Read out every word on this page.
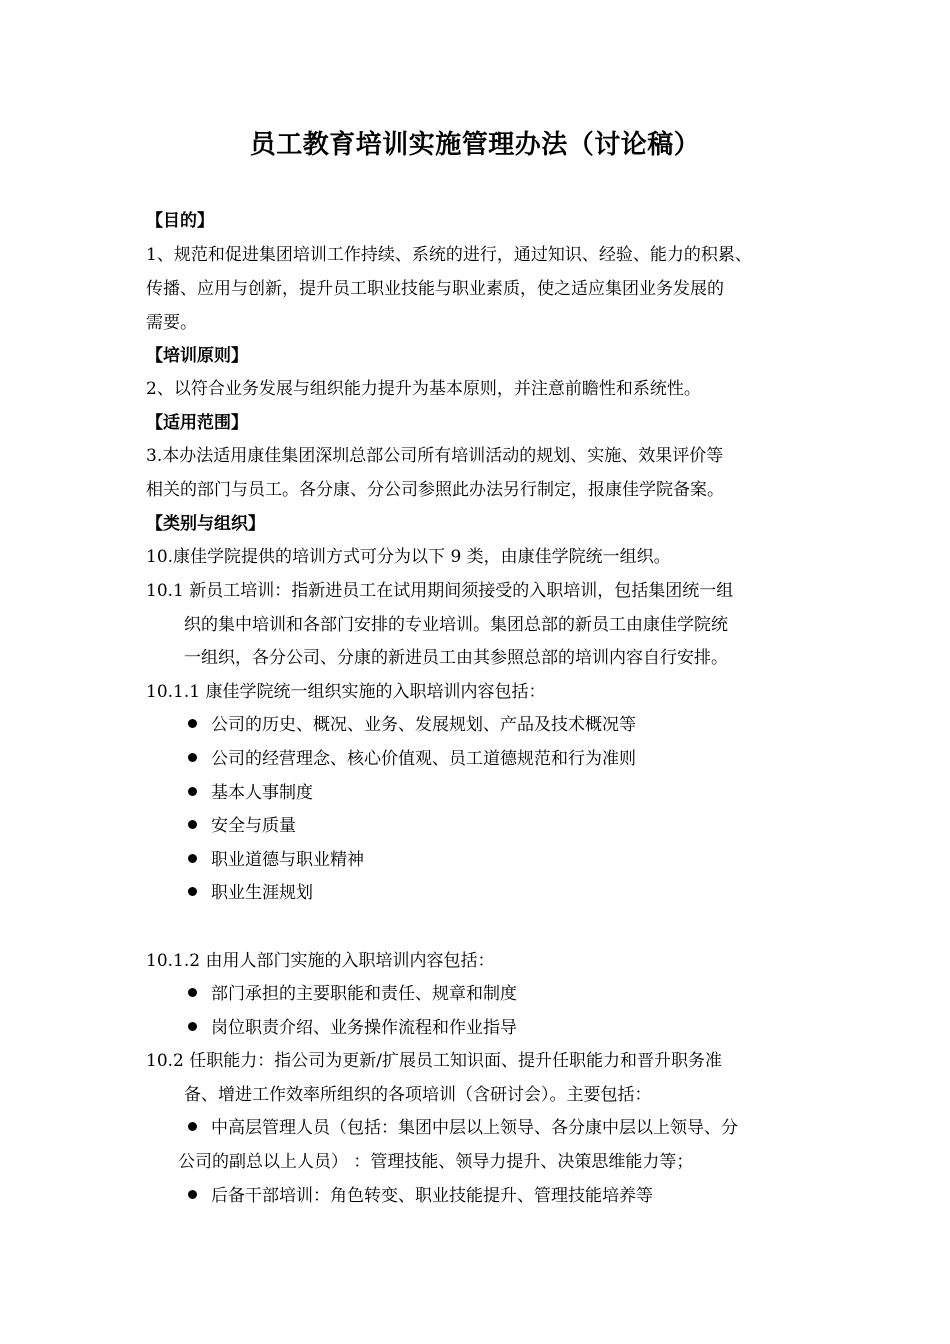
员工教育培训实施管理办法（讨论稿）
【目的】
1、规范和促进集团培训工作持续、系统的进行，通过知识、经验、能力的积累、
传播、应用与创新，提升员工职业技能与职业素质，使之适应集团业务发展的
需要。
【培训原则】
2、以符合业务发展与组织能力提升为基本原则，并注意前瞻性和系统性。
【适用范围】
3.本办法适用康佳集团深圳总部公司所有培训活动的规划、实施、效果评价等
相关的部门与员工。各分康、分公司参照此办法另行制定，报康佳学院备案。
【类别与组织】
10.康佳学院提供的培训方式可分为以下 9 类，由康佳学院统一组织。
10.1 新员工培训：指新进员工在试用期间须接受的入职培训，包括集团统一组
织的集中培训和各部门安排的专业培训。集团总部的新员工由康佳学院统
一组织，各分公司、分康的新进员工由其参照总部的培训内容自行安排。
10.1.1 康佳学院统一组织实施的入职培训内容包括：
公司的历史、概况、业务、发展规划、产品及技术概况等
公司的经营理念、核心价值观、员工道德规范和行为准则
基本人事制度
安全与质量
职业道德与职业精神
职业生涯规划
10.1.2 由用人部门实施的入职培训内容包括：
部门承担的主要职能和责任、规章和制度
岗位职责介绍、业务操作流程和作业指导
10.2 任职能力：指公司为更新/扩展员工知识面、提升任职能力和晋升职务准
备、增进工作效率所组织的各项培训（含研讨会）。主要包括：
中高层管理人员（包括：集团中层以上领导、各分康中层以上领导、分
公司的副总以上人员） ：管理技能、领导力提升、决策思维能力等；
后备干部培训：角色转变、职业技能提升、管理技能培养等
